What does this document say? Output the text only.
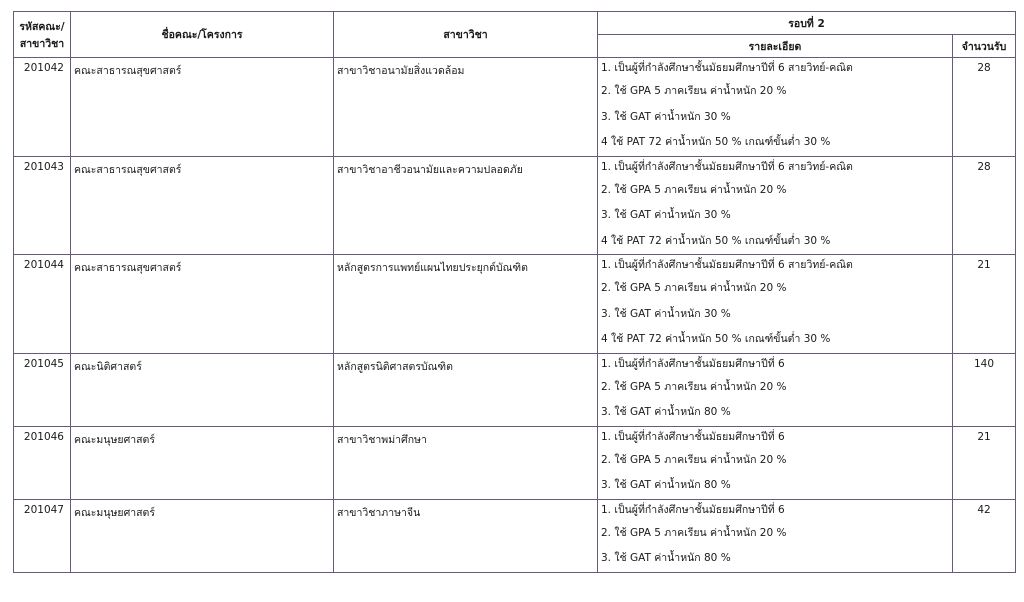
รหัสคณะ/
สาขาวิชา	ชื่อคณะ/โครงการ	สาขาวิชา	รอบที่ 2	
			รายละเอียด	จำนวนรับ
201042	คณะสาธารณสุขศาสตร์	สาขาวิชาอนามัยสิ่งแวดล้อม	1. เป็นผู้ที่กำลังศึกษาชั้นมัธยมศึกษาปีที่ 6 สายวิทย์-คณิต
2. ใช้ GPA 5 ภาคเรียน ค่าน้ำหนัก 20 %
3. ใช้ GAT ค่าน้ำหนัก 30 %
4 ใช้ PAT 72 ค่าน้ำหนัก 50 % เกณฑ์ขั้นต่ำ 30 %	28
201043	คณะสาธารณสุขศาสตร์	สาขาวิชาอาชีวอนามัยและความปลอดภัย	1. เป็นผู้ที่กำลังศึกษาชั้นมัธยมศึกษาปีที่ 6 สายวิทย์-คณิต
2. ใช้ GPA 5 ภาคเรียน ค่าน้ำหนัก 20 %
3. ใช้ GAT ค่าน้ำหนัก 30 %
4 ใช้ PAT 72 ค่าน้ำหนัก 50 % เกณฑ์ขั้นต่ำ 30 %	28
201044	คณะสาธารณสุขศาสตร์	หลักสูตรการแพทย์แผนไทยประยุกต์บัณฑิต	1. เป็นผู้ที่กำลังศึกษาชั้นมัธยมศึกษาปีที่ 6 สายวิทย์-คณิต
2. ใช้ GPA 5 ภาคเรียน ค่าน้ำหนัก 20 %
3. ใช้ GAT ค่าน้ำหนัก 30 %
4 ใช้ PAT 72 ค่าน้ำหนัก 50 % เกณฑ์ขั้นต่ำ 30 %	21
201045	คณะนิติศาสตร์	หลักสูตรนิติศาสตรบัณฑิต	1. เป็นผู้ที่กำลังศึกษาชั้นมัธยมศึกษาปีที่ 6
2. ใช้ GPA 5 ภาคเรียน ค่าน้ำหนัก 20 %
3. ใช้ GAT ค่าน้ำหนัก 80 %	140
201046	คณะมนุษยศาสตร์	สาขาวิชาพม่าศึกษา	1. เป็นผู้ที่กำลังศึกษาชั้นมัธยมศึกษาปีที่ 6
2. ใช้ GPA 5 ภาคเรียน ค่าน้ำหนัก 20 %
3. ใช้ GAT ค่าน้ำหนัก 80 %	21
201047	คณะมนุษยศาสตร์	สาขาวิชาภาษาจีน	1. เป็นผู้ที่กำลังศึกษาชั้นมัธยมศึกษาปีที่ 6
2. ใช้ GPA 5 ภาคเรียน ค่าน้ำหนัก 20 %
3. ใช้ GAT ค่าน้ำหนัก 80 %	42
